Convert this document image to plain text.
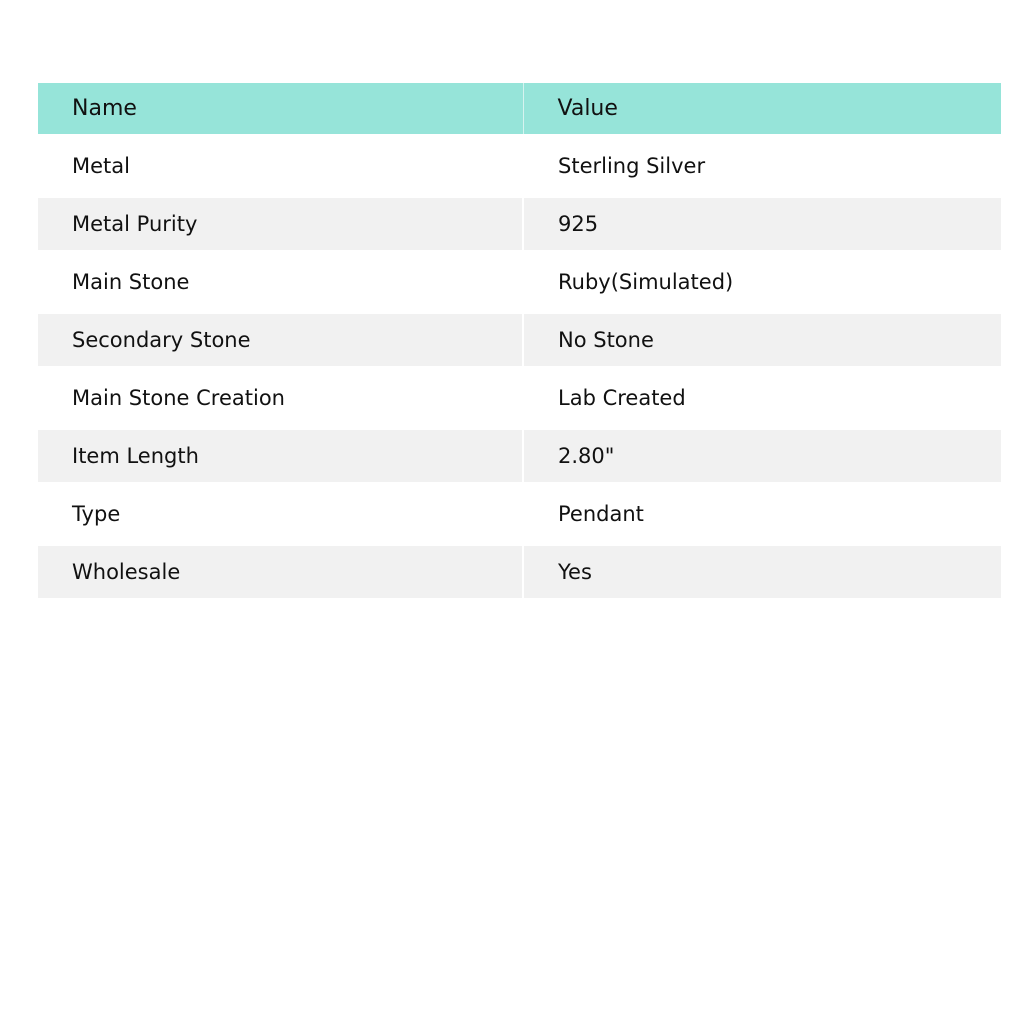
Name	Value
Metal	Sterling Silver
Metal Purity	925
Main Stone	Ruby(Simulated)
Secondary Stone	No Stone
Main Stone Creation	Lab Created
Item Length	2.80"
Type	Pendant
Wholesale	Yes
